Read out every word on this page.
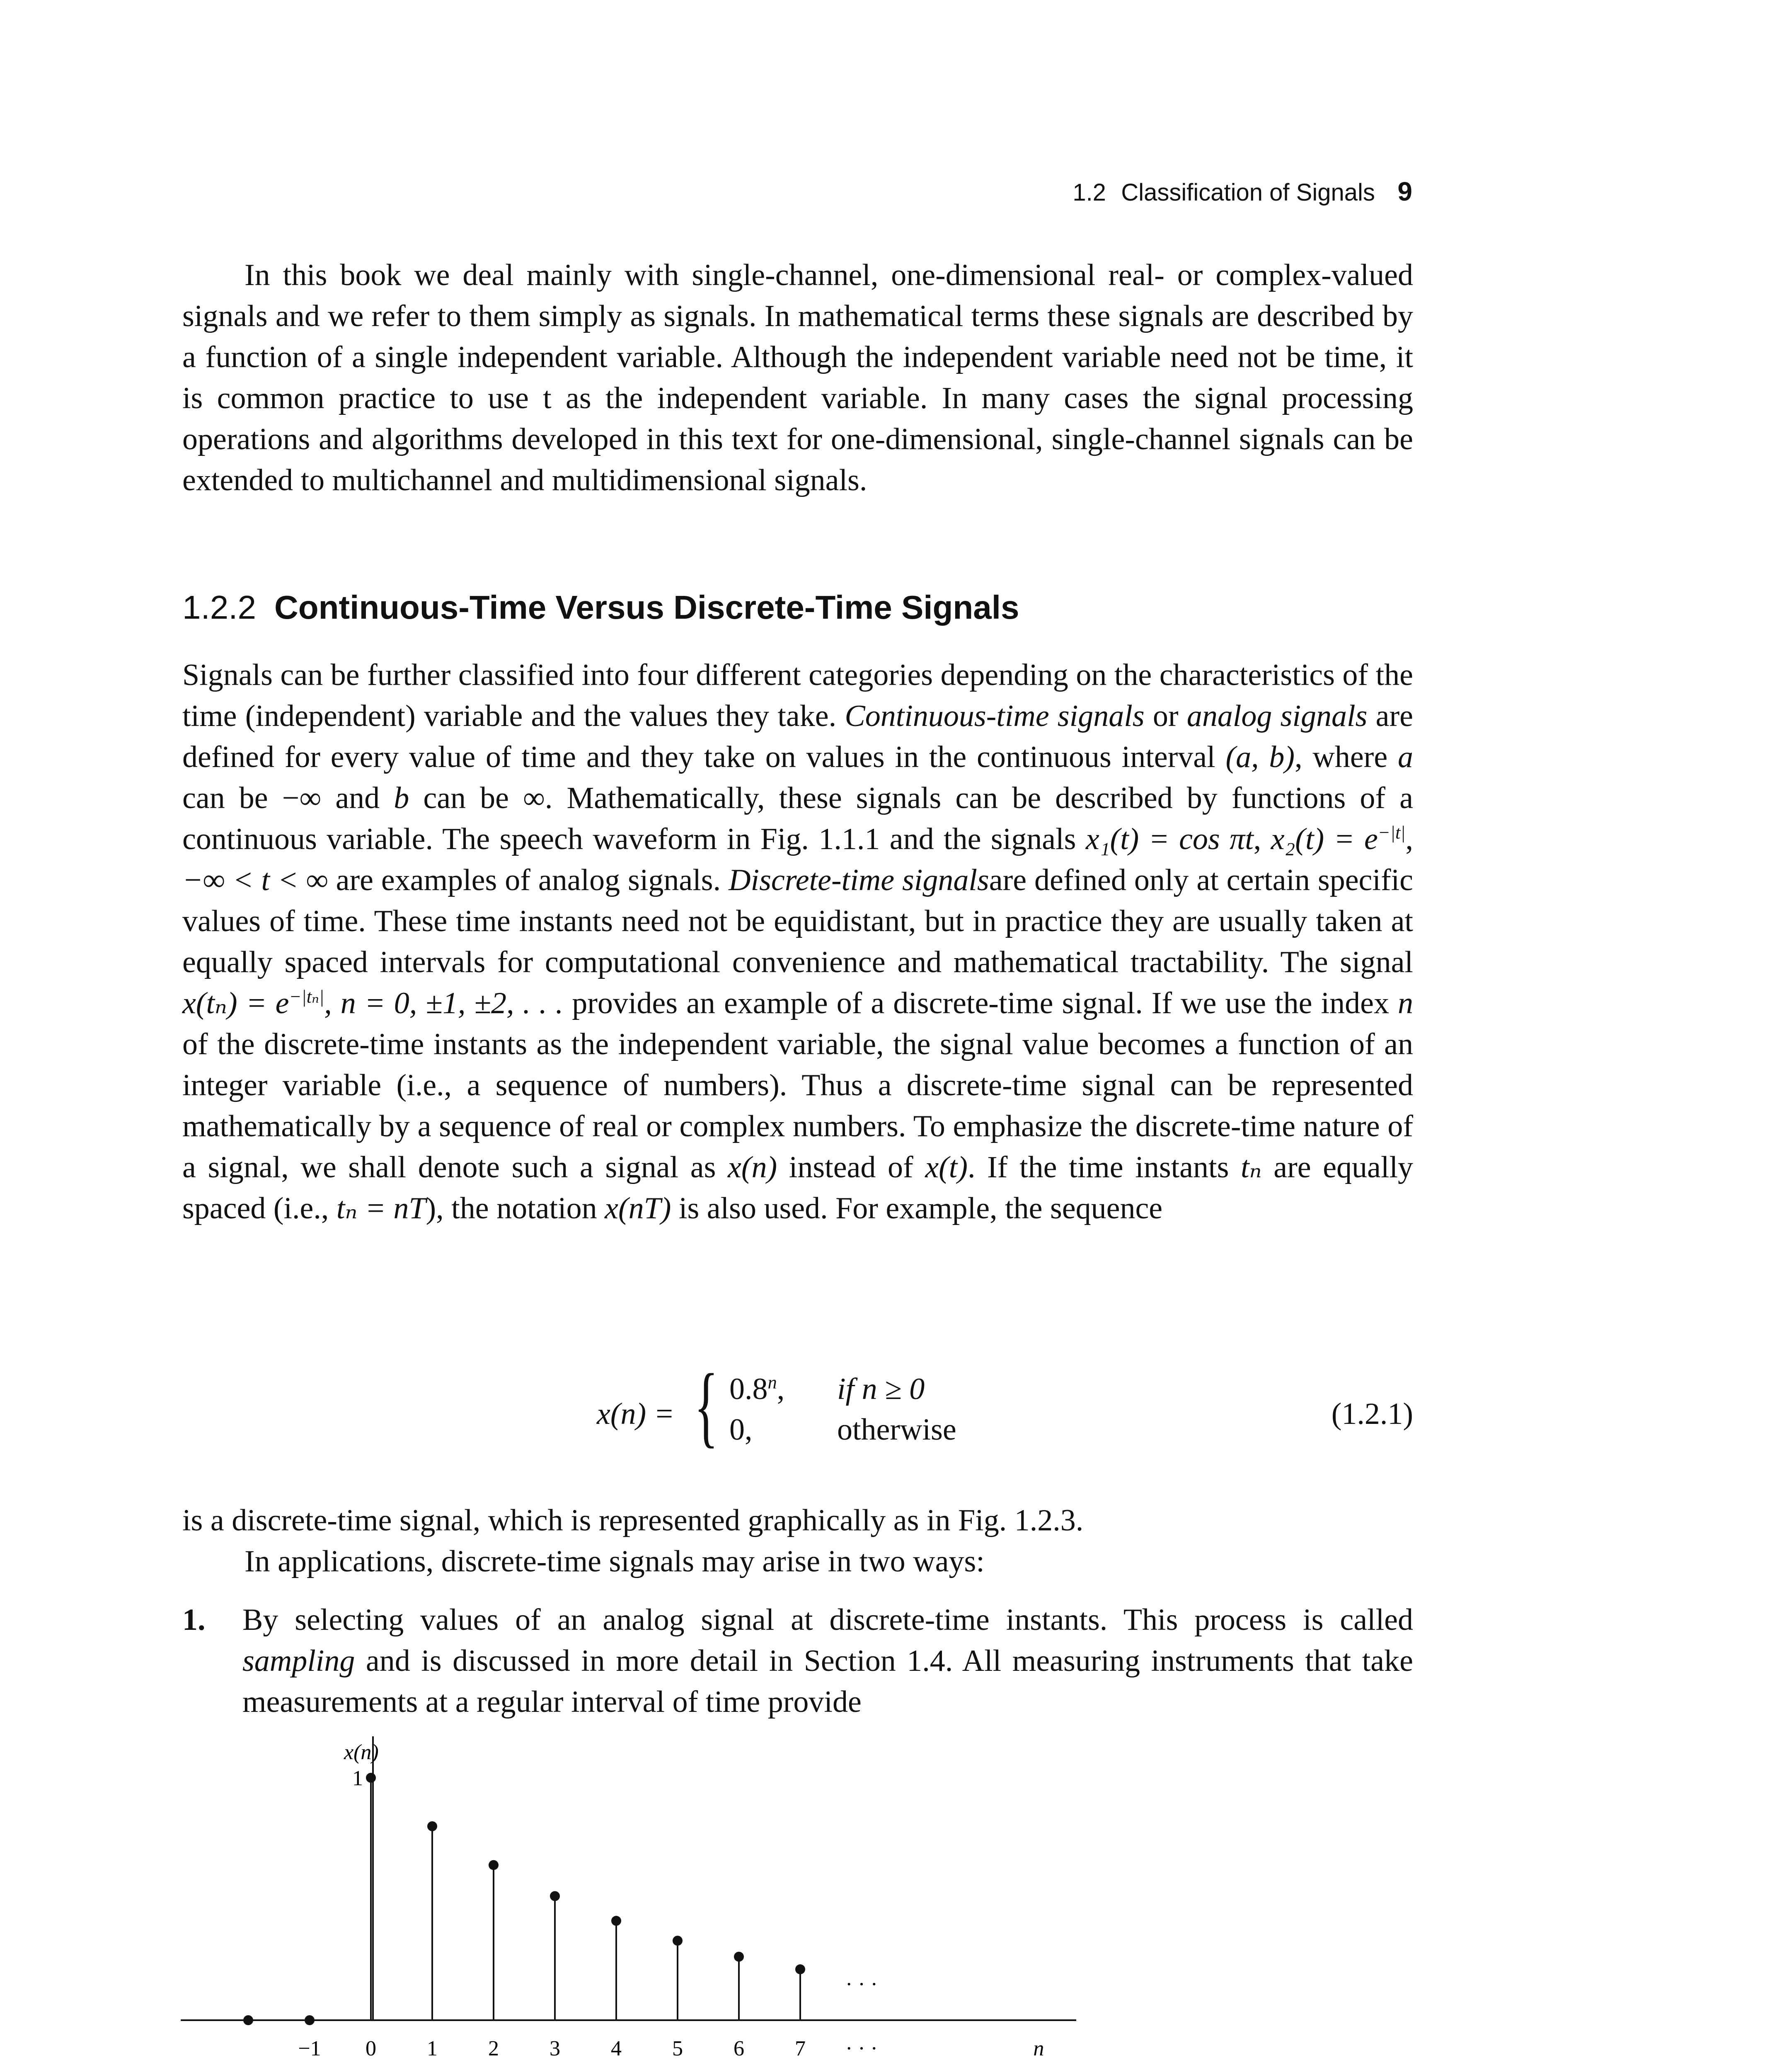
1.2 Classification of Signals 9
In this book we deal mainly with single-channel, one-dimensional real- or complex-valued signals and we refer to them simply as signals. In mathematical terms these signals are described by a function of a single independent variable. Although the independent variable need not be time, it is common practice to use t as the independent variable. In many cases the signal processing operations and algorithms developed in this text for one-dimensional, single-channel signals can be extended to multichannel and multidimensional signals.
1.2.2 Continuous-Time Versus Discrete-Time Signals
Signals can be further classified into four different categories depending on the characteristics of the time (independent) variable and the values they take. Continuous-time signals or analog signals are defined for every value of time and they take on values in the continuous interval (a, b), where a can be −∞ and b can be ∞. Mathematically, these signals can be described by functions of a continuous variable. The speech waveform in Fig. 1.1.1 and the signals x₁(t) = cos πt, $x_2(t) = e^{-|t|}$, −∞ < t < ∞ are examples of analog signals. Discrete-time signalsare defined only at certain specific values of time. These time instants need not be equidistant, but in practice they are usually taken at equally spaced intervals for computational convenience and mathematical tractability. The signal $x(t_n) = e^{-|t_n|}$, n = 0, ±1, ±2, . . . provides an example of a discrete-time signal. If we use the index n of the discrete-time instants as the independent variable, the signal value becomes a function of an integer variable (i.e., a sequence of numbers). Thus a discrete-time signal can be represented mathematically by a sequence of real or complex numbers. To emphasize the discrete-time nature of a signal, we shall denote such a signal as x(n) instead of x(t). If the time instants tₙ are equally spaced (i.e., tₙ = nT), the notation x(nT) is also used. For example, the sequence
x(n) = { 0.8$^n$, if n ≥ 0
0,	otherwise	(1.2.1)
is a discrete-time signal, which is represented graphically as in Fig. 1.2.3.
In applications, discrete-time signals may arise in two ways:
1. By selecting values of an analog signal at discrete-time instants. This process is called sampling and is discussed in more detail in Section 1.4. All measuring instruments that take measurements at a regular interval of time provide
x(n)
n
1
−1 0 1 2 3 4 5 6 7 · · ·
· · ·
